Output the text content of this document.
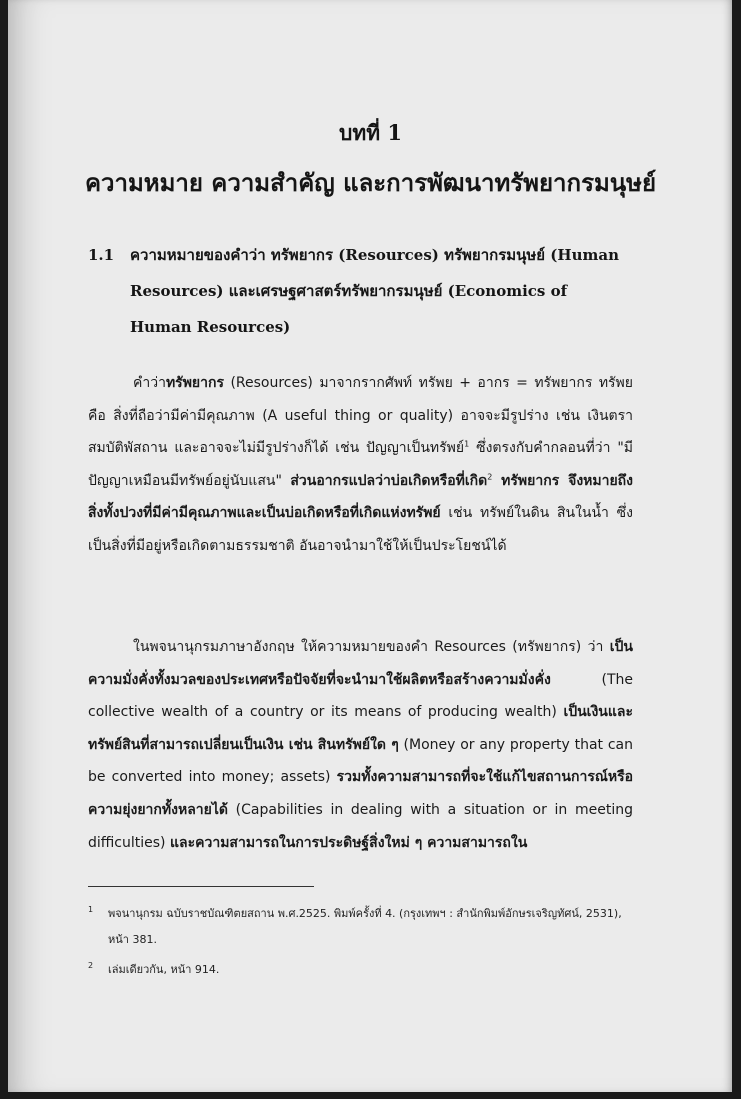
บทที่ 1
ความหมาย ความสำคัญ และการพัฒนาทรัพยากรมนุษย์
1.1 ความหมายของคำว่า ทรัพยากร (Resources) ทรัพยากรมนุษย์ (Human Resources) และเศรษฐศาสตร์ทรัพยากรมนุษย์ (Economics of Human Resources)
คำว่าทรัพยากร (Resources) มาจากรากศัพท์ ทรัพย + อากร = ทรัพยากร ทรัพย คือ สิ่งที่ถือว่ามีค่ามีคุณภาพ (A useful thing or quality) อาจจะมีรูปร่าง เช่น เงินตรา สมบัติพัสถาน และอาจจะไม่มีรูปร่างก็ได้ เช่น ปัญญาเป็นทรัพย์$^1$ ซึ่งตรงกับคำกลอนที่ว่า "มีปัญญาเหมือนมีทรัพย์อยู่นับแสน" ส่วนอากรแปลว่าบ่อเกิดหรือที่เกิด$^2$ ทรัพยากร จึงหมายถึงสิ่งทั้งปวงที่มีค่ามีคุณภาพและเป็นบ่อเกิดหรือที่เกิดแห่งทรัพย์ เช่น ทรัพย์ในดิน สินในน้ำ ซึ่งเป็นสิ่งที่มีอยู่หรือเกิดตามธรรมชาติ อันอาจนำมาใช้ให้เป็นประโยชน์ได้
ในพจนานุกรมภาษาอังกฤษ ให้ความหมายของคำ Resources (ทรัพยากร) ว่า เป็นความมั่งคั่งทั้งมวลของประเทศหรือปัจจัยที่จะนำมาใช้ผลิตหรือสร้างความมั่งคั่ง (The collective wealth of a country or its means of producing wealth) เป็นเงินและทรัพย์สินที่สามารถเปลี่ยนเป็นเงิน เช่น สินทรัพย์ใด ๆ (Money or any property that can be converted into money; assets) รวมทั้งความสามารถที่จะใช้แก้ไขสถานการณ์หรือความยุ่งยากทั้งหลายได้ (Capabilities in dealing with a situation or in meeting difficulties) และความสามารถในการประดิษฐ์สิ่งใหม่ ๆ ความสามารถใน
1 พจนานุกรม ฉบับราชบัณฑิตยสถาน พ.ศ.2525. พิมพ์ครั้งที่ 4. (กรุงเทพฯ : สำนักพิมพ์อักษรเจริญทัศน์, 2531), หน้า 381.
2 เล่มเดียวกัน, หน้า 914.
